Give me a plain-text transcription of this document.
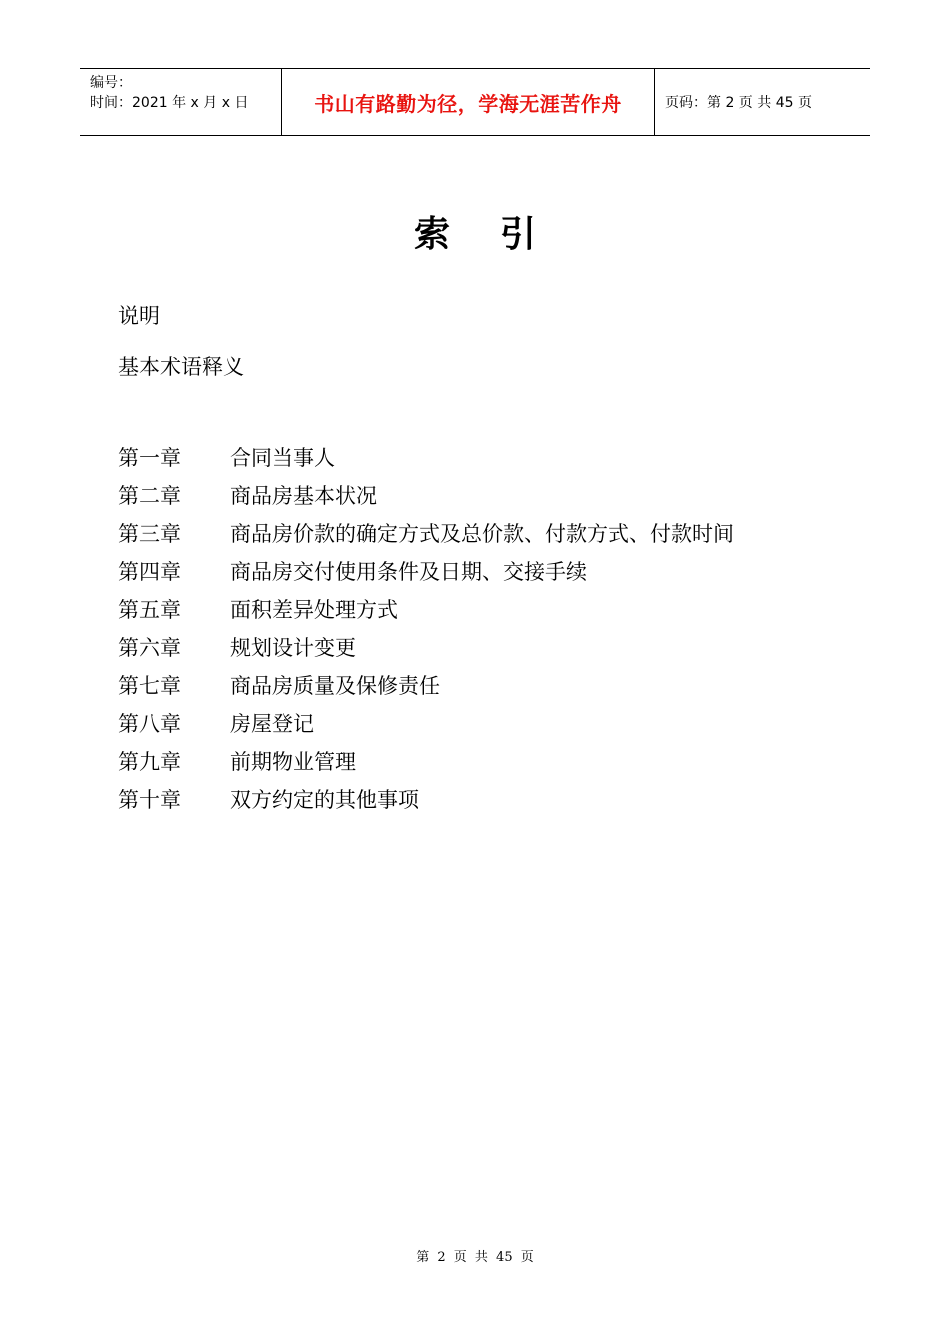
编号：
时间：2021 年 x 月 x 日	书山有路勤为径，学海无涯苦作舟	页码：第 2 页 共 45 页
索引
说明
基本术语释义
第一章	合同当事人
第二章	商品房基本状况
第三章	商品房价款的确定方式及总价款、付款方式、付款时间
第四章	商品房交付使用条件及日期、交接手续
第五章	面积差异处理方式
第六章	规划设计变更
第七章	商品房质量及保修责任
第八章	房屋登记
第九章	前期物业管理
第十章	双方约定的其他事项
第 2 页 共 45 页
